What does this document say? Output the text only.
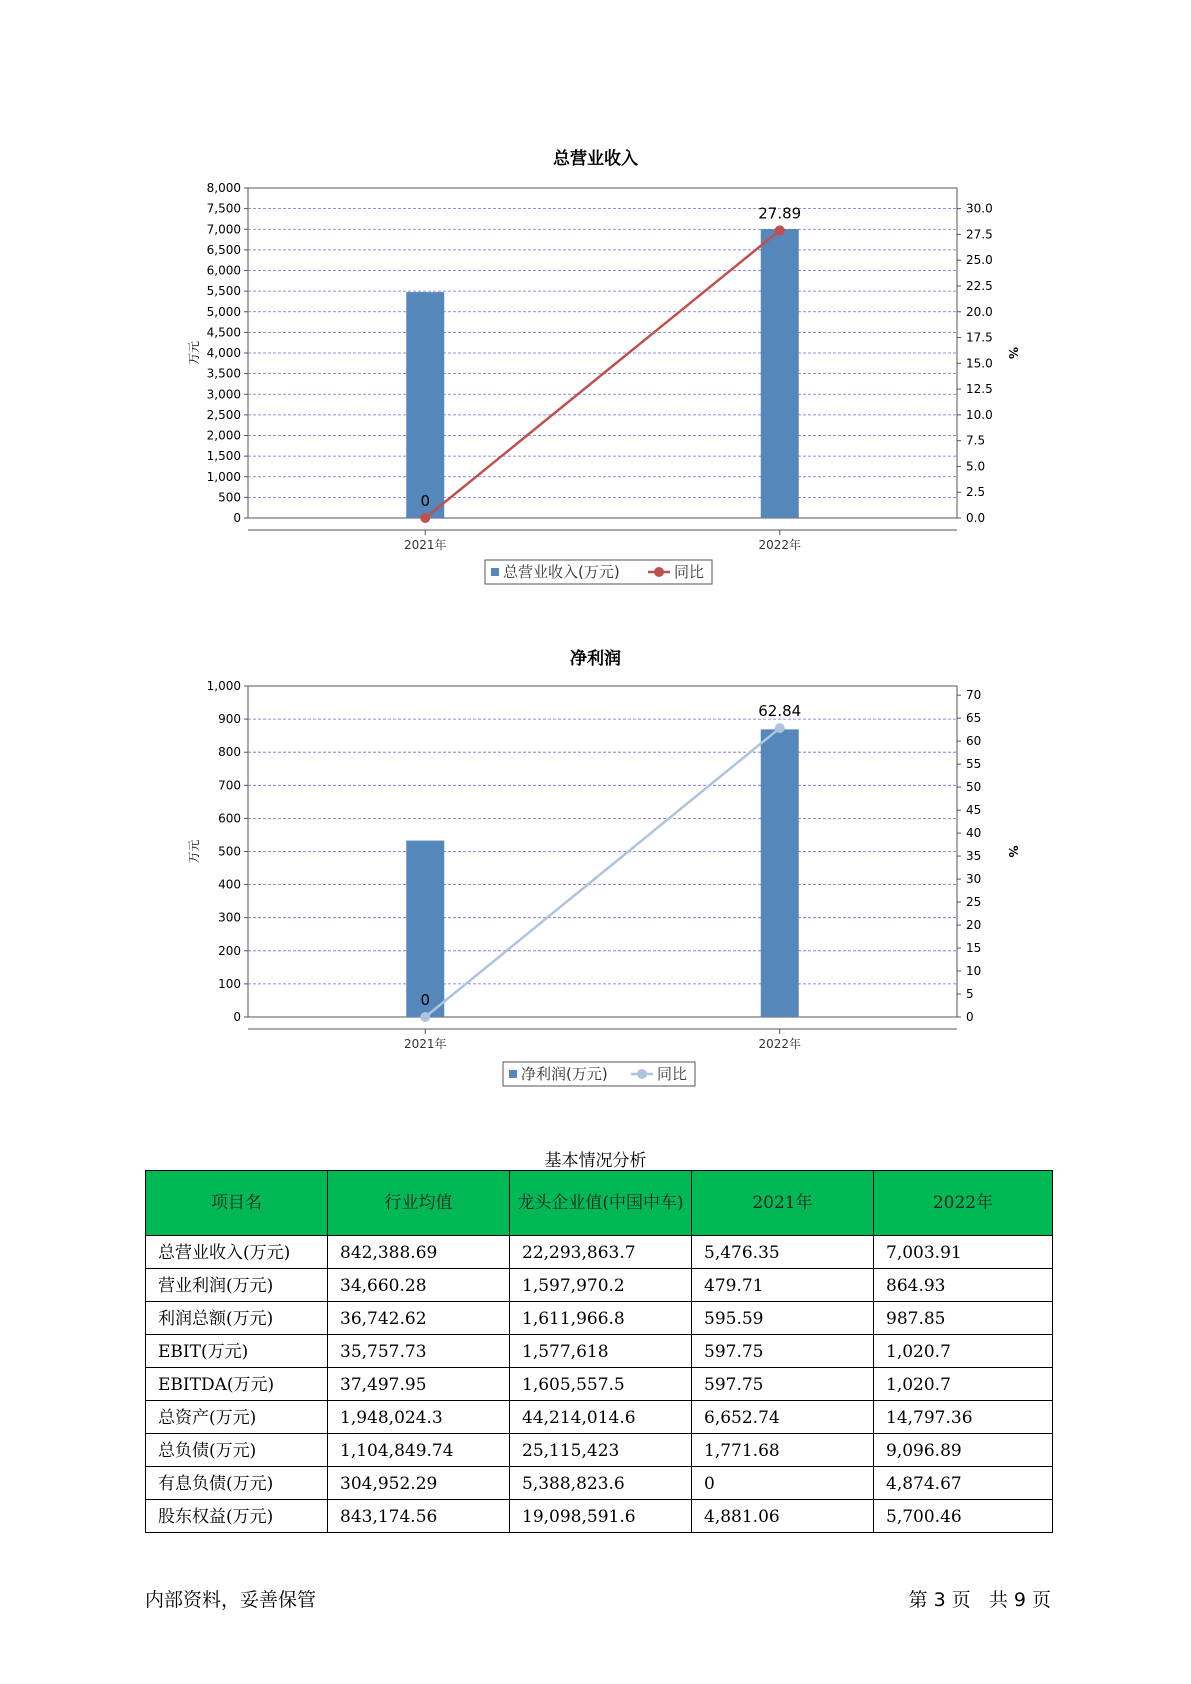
总营业收入
0
500
1,000
1,500
2,000
2,500
3,000
3,500
4,000
4,500
5,000
5,500
6,000
6,500
7,000
7,500
8,000
0.0
2.5
5.0
7.5
10.0
12.5
15.0
17.5
20.0
22.5
25.0
27.5
30.0
万元	%
2021年	2022年
0
27.89
总营业收入(万元)	同比
净利润
0
100
200
300
400
500
600
700
800
900
1,000
0
5
10
15
20
25
30
35
40
45
50
55
60
65
70
万元	%
2021年	2022年
0
62.84
净利润(万元)	同比
基本情况分析
项目名	行业均值	龙头企业值(中国中车)	2021年	2022年
总营业收入(万元)	842,388.69	22,293,863.7	5,476.35	7,003.91
营业利润(万元)	34,660.28	1,597,970.2	479.71	864.93
利润总额(万元)	36,742.62	1,611,966.8	595.59	987.85
EBIT(万元)	35,757.73	1,577,618	597.75	1,020.7
EBITDA(万元)	37,497.95	1,605,557.5	597.75	1,020.7
总资产(万元)	1,948,024.3	44,214,014.6	6,652.74	14,797.36
总负债(万元)	1,104,849.74	25,115,423	1,771.68	9,096.89
有息负债(万元)	304,952.29	5,388,823.6	0	4,874.67
股东权益(万元)	843,174.56	19,098,591.6	4,881.06	5,700.46
内部资料，妥善保管	第 3 页   共 9 页
